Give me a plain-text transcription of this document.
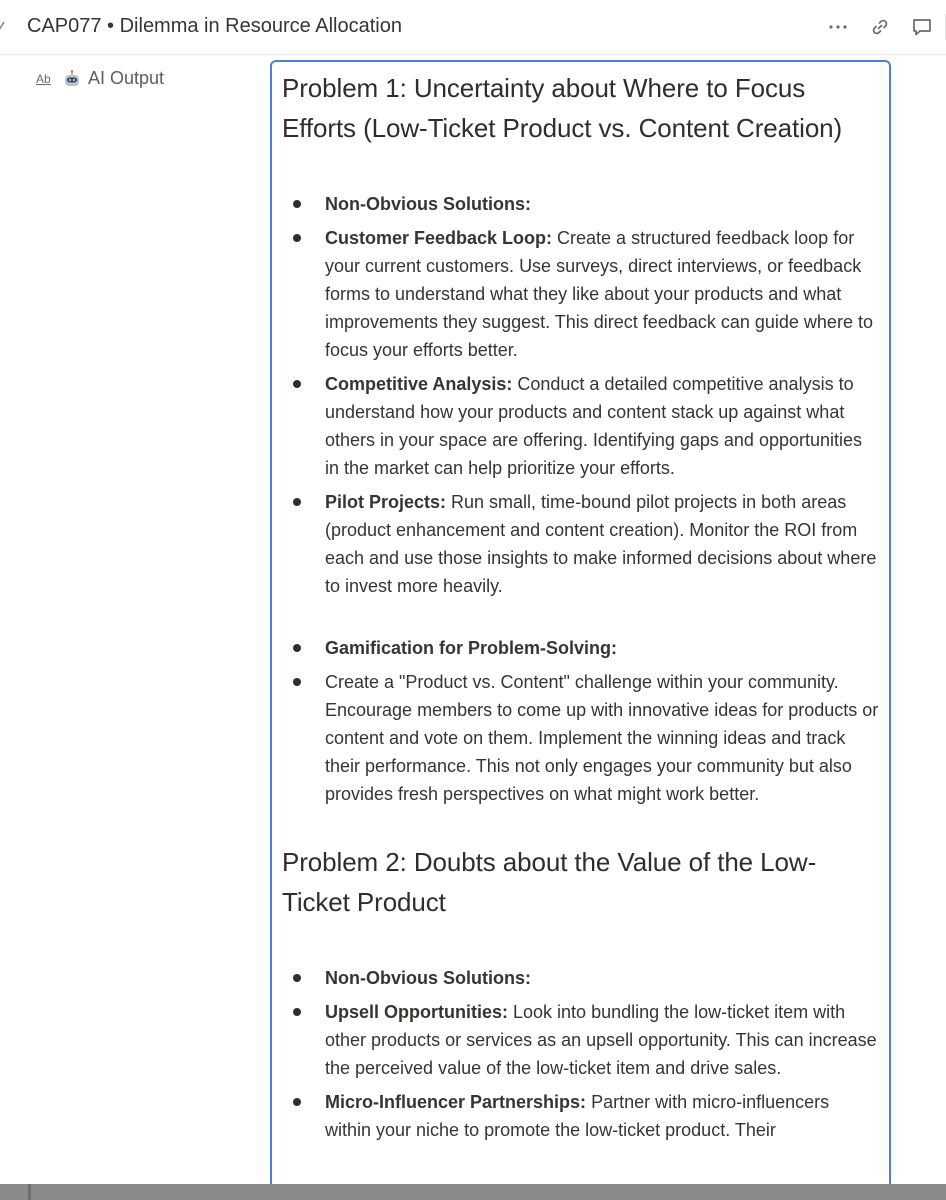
CAP077 • Dilemma in Resource Allocation
Ab AI Output	Problem 1: Uncertainty about Where to Focus Efforts (Low-Ticket Product vs. Content Creation)
Non-Obvious Solutions:
Customer Feedback Loop: Create a structured feedback loop for your current customers. Use surveys, direct interviews, or feedback forms to understand what they like about your products and what improvements they suggest. This direct feedback can guide where to focus your efforts better.
Competitive Analysis: Conduct a detailed competitive analysis to understand how your products and content stack up against what others in your space are offering. Identifying gaps and opportunities in the market can help prioritize your efforts.
Pilot Projects: Run small, time-bound pilot projects in both areas (product enhancement and content creation). Monitor the ROI from each and use those insights to make informed decisions about where to invest more heavily.
Gamification for Problem-Solving:
Create a "Product vs. Content" challenge within your community. Encourage members to come up with innovative ideas for products or content and vote on them. Implement the winning ideas and track their performance. This not only engages your community but also provides fresh perspectives on what might work better.
Problem 2: Doubts about the Value of the Low-Ticket Product
Non-Obvious Solutions:
Upsell Opportunities: Look into bundling the low-ticket item with other products or services as an upsell opportunity. This can increase the perceived value of the low-ticket item and drive sales.
Micro-Influencer Partnerships: Partner with micro-influencers within your niche to promote the low-ticket product. Their
